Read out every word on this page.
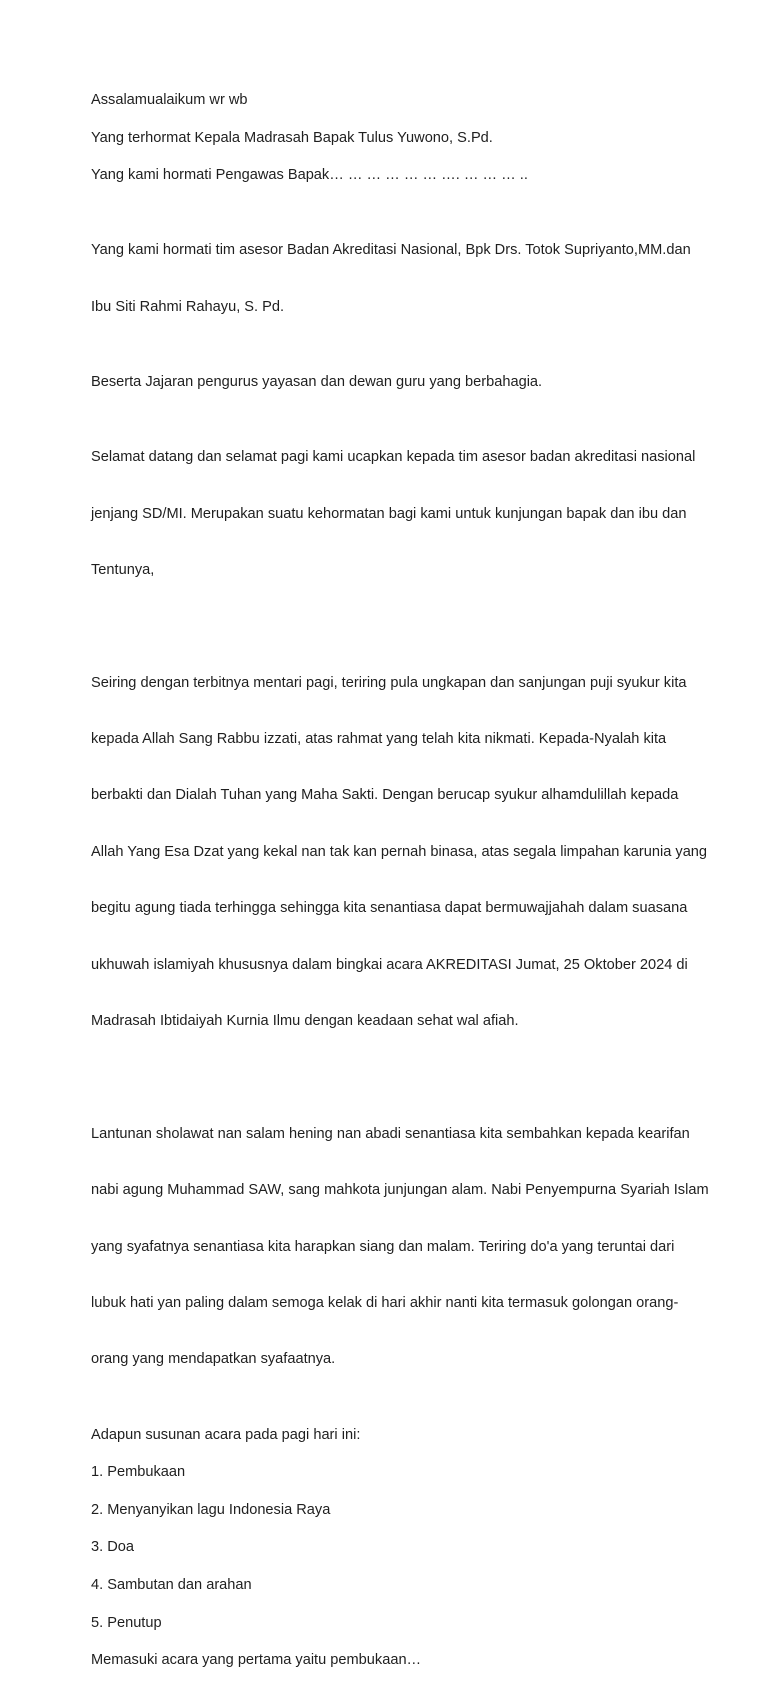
Assalamualaikum wr wb

Yang terhormat Kepala Madrasah Bapak Tulus Yuwono, S.Pd.

Yang kami hormati Pengawas Bapak… … … … … … …. … … … ..

Yang kami hormati tim asesor Badan Akreditasi Nasional, Bpk Drs. Totok Supriyanto,MM.dan

Ibu Siti Rahmi Rahayu, S. Pd.

Beserta Jajaran pengurus yayasan dan dewan guru yang berbahagia.

Selamat datang dan selamat pagi kami ucapkan kepada tim asesor badan akreditasi nasional

jenjang SD/MI. Merupakan suatu kehormatan bagi kami untuk kunjungan bapak dan ibu dan

Tentunya,

Seiring dengan terbitnya mentari pagi, teriring pula ungkapan dan sanjungan puji syukur kita

kepada Allah Sang Rabbu izzati, atas rahmat yang telah kita nikmati. Kepada-Nyalah kita

berbakti dan Dialah Tuhan yang Maha Sakti. Dengan berucap syukur alhamdulillah kepada

Allah Yang Esa Dzat yang kekal nan tak kan pernah binasa, atas segala limpahan karunia yang

begitu agung tiada terhingga sehingga kita senantiasa dapat bermuwajjahah dalam suasana

ukhuwah islamiyah khususnya dalam bingkai acara AKREDITASI Jumat, 25 Oktober 2024 di

Madrasah Ibtidaiyah Kurnia Ilmu dengan keadaan sehat wal afiah.

Lantunan sholawat nan salam hening nan abadi senantiasa kita sembahkan kepada kearifan

nabi agung Muhammad SAW, sang mahkota junjungan alam. Nabi Penyempurna Syariah Islam

yang syafatnya senantiasa kita harapkan siang dan malam. Teriring do'a yang teruntai dari

lubuk hati yan paling dalam semoga kelak di hari akhir nanti kita termasuk golongan orang-

orang yang mendapatkan syafaatnya.

Adapun susunan acara pada pagi hari ini:

1. Pembukaan

2. Menyanyikan lagu Indonesia Raya

3. Doa

4. Sambutan dan arahan

5. Penutup

Memasuki acara yang pertama yaitu pembukaan…
